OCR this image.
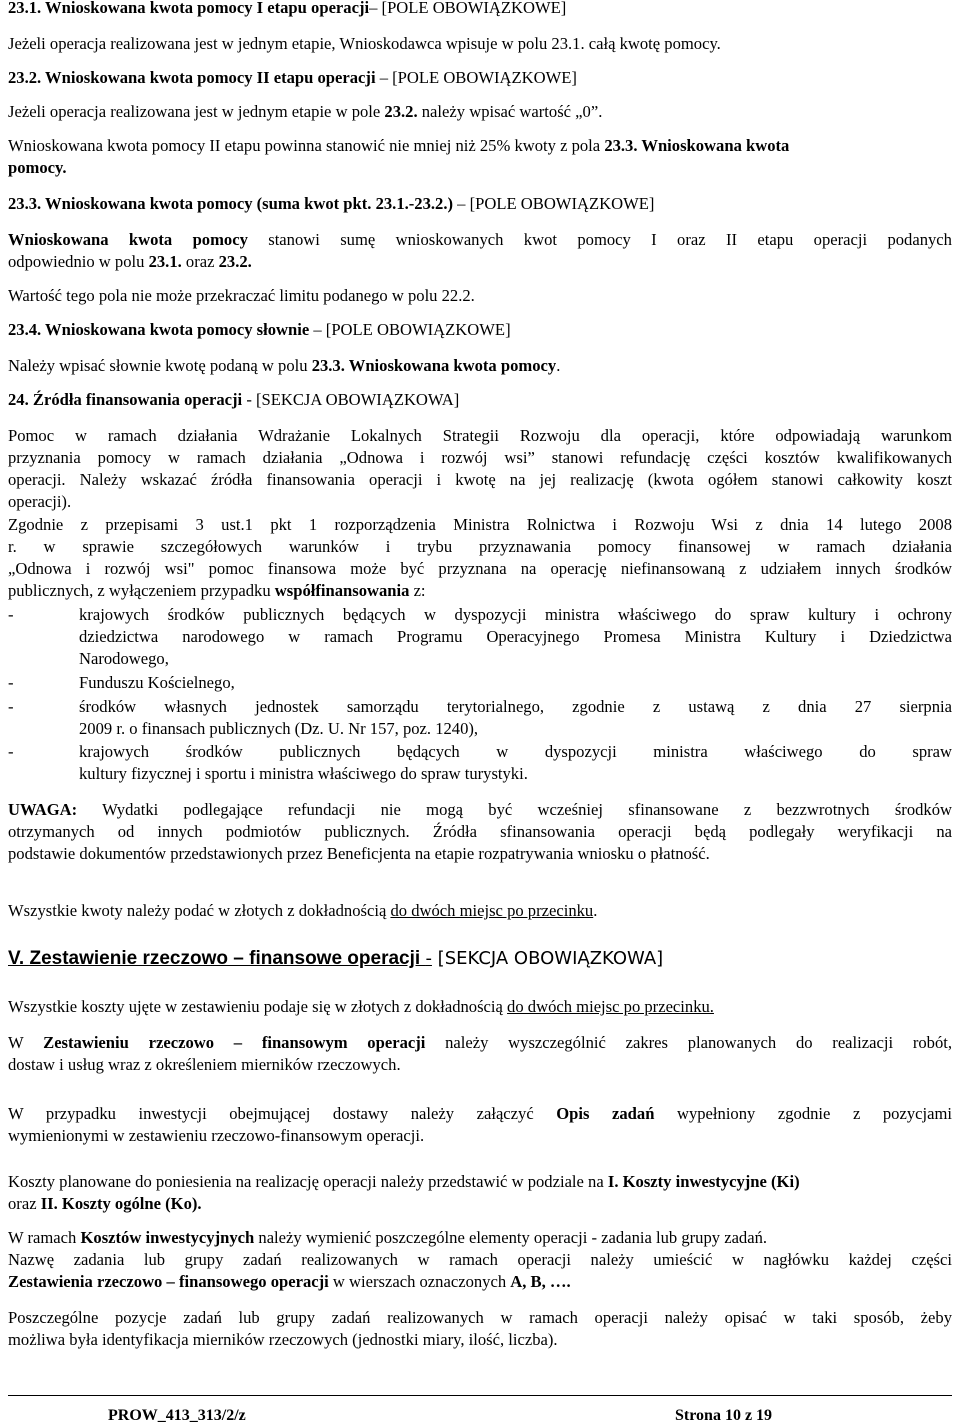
23.1. Wnioskowana kwota pomocy I etapu operacji– [POLE OBOWIĄZKOWE]
Jeżeli operacja realizowana jest w jednym etapie, Wnioskodawca wpisuje w polu 23.1. całą kwotę pomocy.
23.2. Wnioskowana kwota pomocy II etapu operacji – [POLE OBOWIĄZKOWE]
Jeżeli operacja realizowana jest w jednym etapie w pole 23.2. należy wpisać wartość „0”.
Wnioskowana kwota pomocy II etapu powinna stanowić nie mniej niż 25% kwoty z pola 23.3. Wnioskowana kwota
pomocy.
23.3. Wnioskowana kwota pomocy (suma kwot pkt. 23.1.-23.2.) – [POLE OBOWIĄZKOWE]
Wnioskowana kwota pomocy stanowi sumę wnioskowanych kwot pomocy I oraz II etapu operacji podanych
odpowiednio w polu 23.1. oraz 23.2.
Wartość tego pola nie może przekraczać limitu podanego w polu 22.2.
23.4. Wnioskowana kwota pomocy słownie – [POLE OBOWIĄZKOWE]
Należy wpisać słownie kwotę podaną w polu 23.3. Wnioskowana kwota pomocy.
24. Źródła finansowania operacji - [SEKCJA OBOWIĄZKOWA]
Pomoc w ramach działania Wdrażanie Lokalnych Strategii Rozwoju dla operacji, które odpowiadają warunkom
przyznania pomocy w ramach działania „Odnowa i rozwój wsi” stanowi refundację części kosztów kwalifikowanych
operacji. Należy wskazać źródła finansowania operacji i kwotę na jej realizację (kwota ogółem stanowi całkowity koszt
operacji).
Zgodnie z przepisami 3 ust.1 pkt 1 rozporządzenia Ministra Rolnictwa i Rozwoju Wsi z dnia 14 lutego 2008
r. w sprawie szczegółowych warunków i trybu przyznawania pomocy finansowej w ramach działania
„Odnowa i rozwój wsi" pomoc finansowa może być przyznana na operację niefinansowaną z udziałem innych środków
publicznych, z wyłączeniem przypadku współfinansowania z:
-	krajowych środków publicznych będących w dyspozycji ministra właściwego do spraw kultury i ochrony
dziedzictwa narodowego w ramach Programu Operacyjnego Promesa Ministra Kultury i Dziedzictwa
Narodowego,
-	Funduszu Kościelnego,
-	środków własnych jednostek samorządu terytorialnego, zgodnie z ustawą z dnia 27 sierpnia
2009 r. o finansach publicznych (Dz. U. Nr 157, poz. 1240),
-	krajowych środków publicznych będących w dyspozycji ministra właściwego do spraw
kultury fizycznej i sportu i ministra właściwego do spraw turystyki.
UWAGA: Wydatki podlegające refundacji nie mogą być wcześniej sfinansowane z bezzwrotnych środków
otrzymanych od innych podmiotów publicznych. Źródła sfinansowania operacji będą podlegały weryfikacji na
podstawie dokumentów przedstawionych przez Beneficjenta na etapie rozpatrywania wniosku o płatność.
Wszystkie kwoty należy podać w złotych z dokładnością do dwóch miejsc po przecinku.
V. Zestawienie rzeczowo – finansowe operacji - [SEKCJA OBOWIĄZKOWA]
Wszystkie koszty ujęte w zestawieniu podaje się w złotych z dokładnością do dwóch miejsc po przecinku.
W Zestawieniu rzeczowo – finansowym operacji należy wyszczególnić zakres planowanych do realizacji robót,
dostaw i usług wraz z określeniem mierników rzeczowych.
W przypadku inwestycji obejmującej dostawy należy załączyć Opis zadań wypełniony zgodnie z pozycjami
wymienionymi w zestawieniu rzeczowo-finansowym operacji.
Koszty planowane do poniesienia na realizację operacji należy przedstawić w podziale na I. Koszty inwestycyjne (Ki)
oraz II. Koszty ogólne (Ko).
W ramach Kosztów inwestycyjnych należy wymienić poszczególne elementy operacji - zadania lub grupy zadań.
Nazwę zadania lub grupy zadań realizowanych w ramach operacji należy umieścić w nagłówku każdej części
Zestawienia rzeczowo – finansowego operacji w wierszach oznaczonych A, B, ….
Poszczególne pozycje zadań lub grupy zadań realizowanych w ramach operacji należy opisać w taki sposób, żeby
możliwa była identyfikacja mierników rzeczowych (jednostki miary, ilość, liczba).
PROW_413_313/2/z	Strona 10 z 19
